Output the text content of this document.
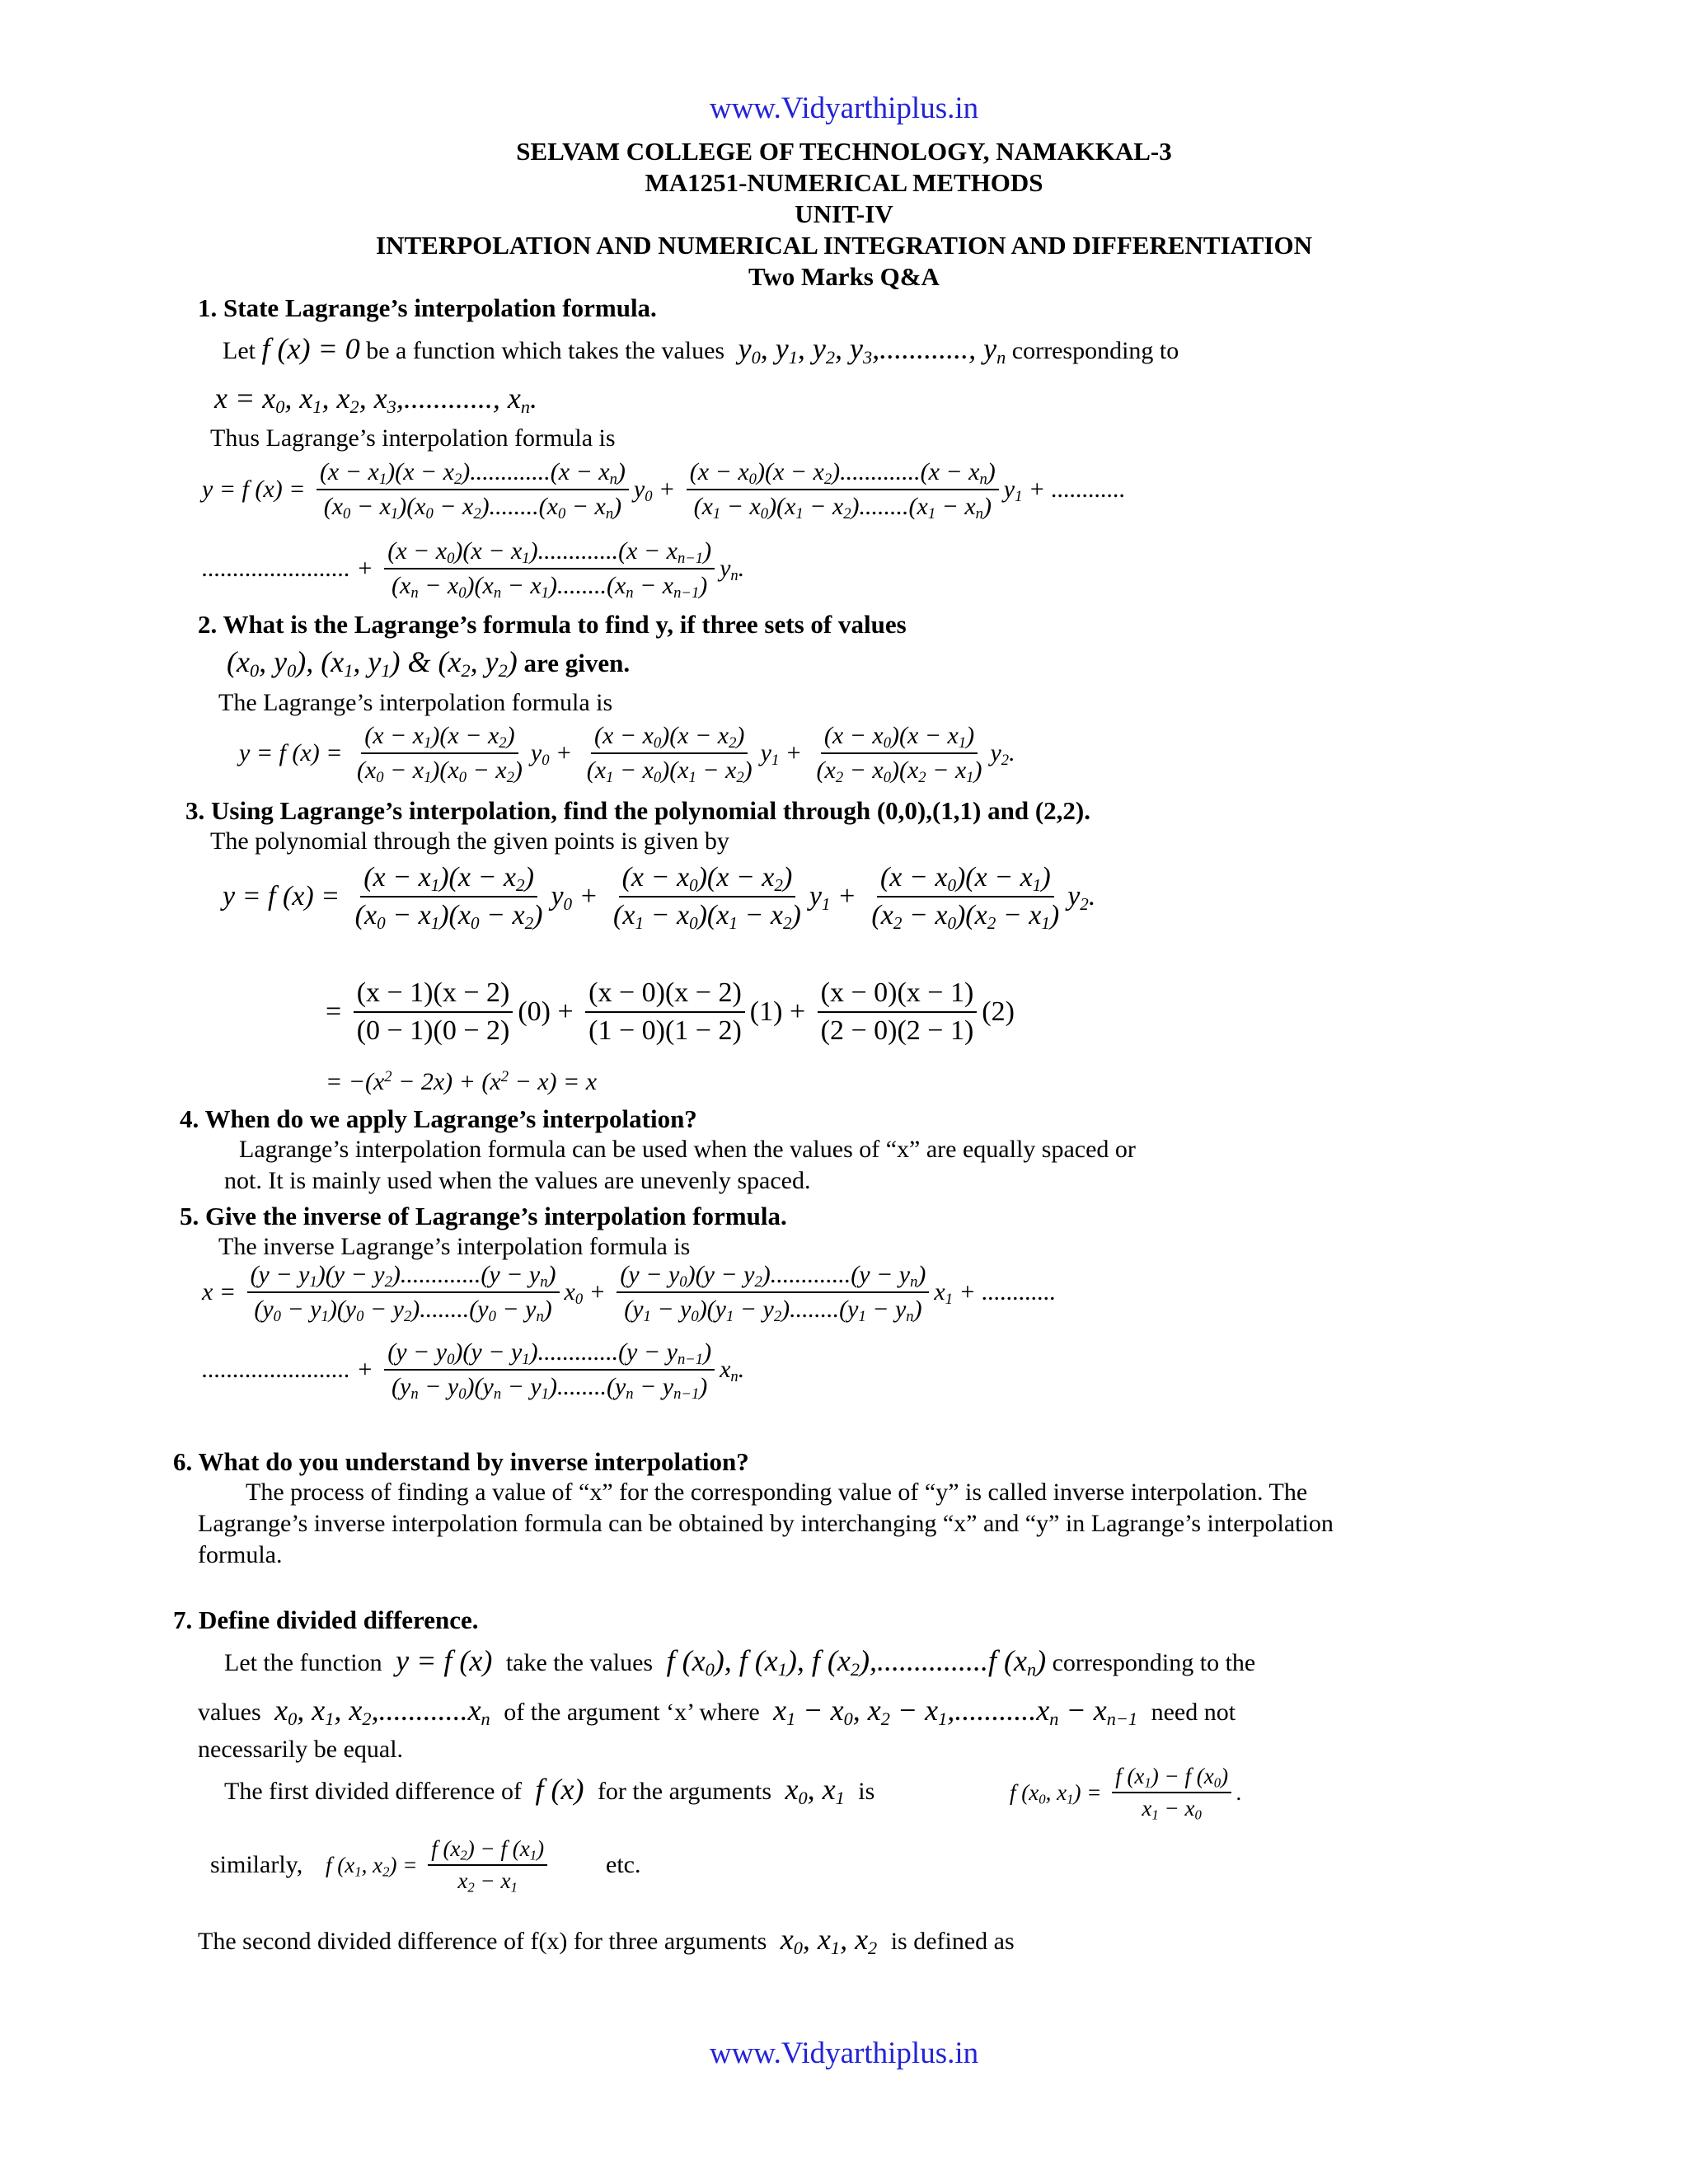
www.Vidyarthiplus.in
SELVAM COLLEGE OF TECHNOLOGY, NAMAKKAL-3
MA1251-NUMERICAL METHODS
UNIT-IV
INTERPOLATION AND NUMERICAL INTEGRATION AND DIFFERENTIATION
Two Marks Q&A
1. State Lagrange’s interpolation formula.
Let f (x) = 0 be a function which takes the values  $y_0$, $y_1$, $y_2$, $y_3$,............, $y_n$ corresponding to
$x = x_0$, $x_1$, $x_2$, $x_3$,............, $x_n$.
Thus Lagrange’s interpolation formula is
y = f $(x) = \frac{(x - x_1)(x - x_2).............(x - x_n)}{(x_0 - x_1)(x_0 - x_2)........(x_0 - x_n)} y_0 + \frac{(x - x_0)(x - x_2).............(x - x_n)}{(x_1 - x_0)(x_1 - x_2)........(x_1 - x_n)} y_1$ + ............
........................ + $\frac{(x - x_0)(x - x_1).............(x - x_{n-1})}{(x_n - x_0)(x_n - x_1)........(x_n - x_{n-1})} y_n$.
2. What is the Lagrange’s formula to find y, if three sets of values
($x_0$, $y_0$), ($x_1$, $y_1$) & ($x_2$, $y_2$) are given.
The Lagrange’s interpolation formula is
y = f $(x) = \frac{(x - x_1)(x - x_2)}{(x_0 - x_1)(x_0 - x_2)} y_0 + \frac{(x - x_0)(x - x_2)}{(x_1 - x_0)(x_1 - x_2)} y_1 + \frac{(x - x_0)(x - x_1)}{(x_2 - x_0)(x_2 - x_1)} y_2$.
3. Using Lagrange’s interpolation, find the polynomial through (0,0),(1,1) and (2,2).
The polynomial through the given points is given by
y = f $(x) = \frac{(x - x_1)(x - x_2)}{(x_0 - x_1)(x_0 - x_2)} y_0 + \frac{(x - x_0)(x - x_2)}{(x_1 - x_0)(x_1 - x_2)} y_1 + \frac{(x - x_0)(x - x_1)}{(x_2 - x_0)(x_2 - x_1)} y_2$.
= $\frac{(x - 1)(x - 2)}{(0 - 1)(0 - 2)} (0) + \frac{(x - 0)(x - 2)}{(1 - 0)(1 - 2)} (1) + \frac{(x - 0)(x - 1)}{(2 - 0)(2 - 1)} (2)$
= $-(x^2 - 2x) + (x^2 - x) = x$
4. When do we apply Lagrange’s interpolation?
Lagrange’s interpolation formula can be used when the values of “x” are equally spaced or
not. It is mainly used when the values are unevenly spaced.
5. Give the inverse of Lagrange’s interpolation formula.
The inverse Lagrange’s interpolation formula is
$x = \frac{(y - y_1)(y - y_2).............(y - y_n)}{(y_0 - y_1)(y_0 - y_2)........(y_0 - y_n)} x_0 + \frac{(y - y_0)(y - y_2).............(y - y_n)}{(y_1 - y_0)(y_1 - y_2)........(y_1 - y_n)} x_1$ + ............
........................ + $\frac{(y - y_0)(y - y_1).............(y - y_{n-1})}{(y_n - y_0)(y_n - y_1)........(y_n - y_{n-1})} x_n$.
6. What do you understand by inverse interpolation?
The process of finding a value of “x” for the corresponding value of “y” is called inverse interpolation. The
Lagrange’s inverse interpolation formula can be obtained by interchanging “x” and “y” in Lagrange’s interpolation
formula.
7. Define divided difference.
Let the function  y = f (x)  take the values  f $(x_0)$, f $(x_1)$, f $(x_2),...............f$ $(x_n)$ corresponding to the
values  $x_0$, $x_1$, $x_2,............x_n$ of the argument ‘x’ where  $x_1 - x_0$, $x_2 - x_1,...........x_n - x_{n-1}$ need not
necessarily be equal.
The first divided difference of  f (x)  for the arguments  $x_0$, $x_1$ is	f ($x_0$, $x_1) = \frac{f (x_1) - f (x_0)}{x_1 - x_0}$ .
similarly, f ($x_1$, $x_2) = \frac{f (x_2) - f (x_1)}{x_2 - x_1}$ etc.
The second divided difference of f(x) for three arguments  $x_0$, $x_1$, $x_2$ is defined as
www.Vidyarthiplus.in
